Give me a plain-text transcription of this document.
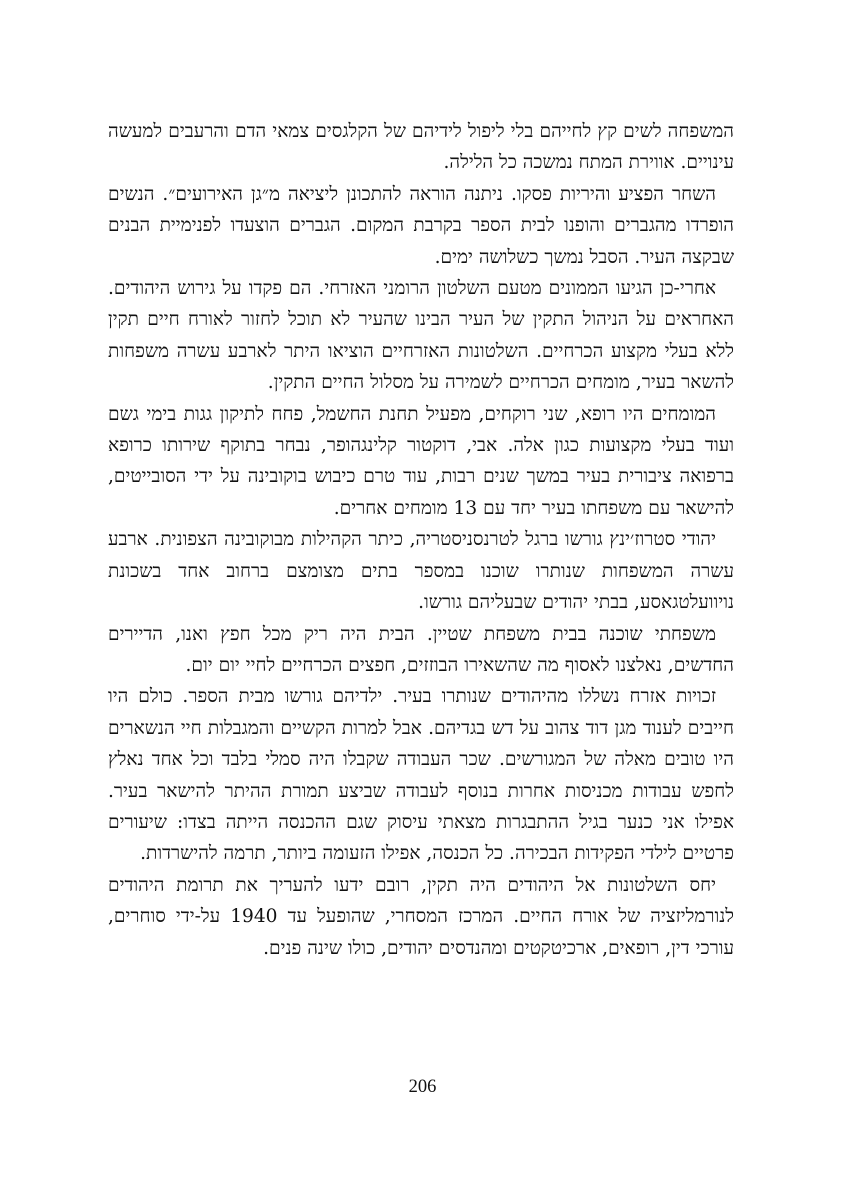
המשפחה לשים קץ לחייהם בלי ליפול לידיהם של הקלגסים צמאי הדם והרעבים למעשה עינויים. אווירת המתח נמשכה כל הלילה.

השחר הפציע והיריות פסקו. ניתנה הוראה להתכונן ליציאה מ״גן האירועים״. הנשים הופרדו מהגברים והופנו לבית הספר בקרבת המקום. הגברים הוצעדו לפנימיית הבנים שבקצה העיר. הסבל נמשך כשלושה ימים.

אחרי-כן הגיעו הממונים מטעם השלטון הרומני האזרחי. הם פקדו על גירוש היהודים. האחראים על הניהול התקין של העיר הבינו שהעיר לא תוכל לחזור לאורח חיים תקין ללא בעלי מקצוע הכרחיים. השלטונות האזרחיים הוציאו היתר לארבע עשרה משפחות להשאר בעיר, מומחים הכרחיים לשמירה על מסלול החיים התקין.

המומחים היו רופא, שני רוקחים, מפעיל תחנת החשמל, פחח לתיקון גגות בימי גשם ועוד בעלי מקצועות כגון אלה. אבי, דוקטור קלינגהופר, נבחר בתוקף שירותו כרופא ברפואה ציבורית בעיר במשך שנים רבות, עוד טרם כיבוש בוקובינה על ידי הסובייטים, להישאר עם משפחתו בעיר יחד עם 13 מומחים אחרים.

יהודי סטרוז׳ינץ גורשו ברגל לטרנסניסטריה, כיתר הקהילות מבוקובינה הצפונית. ארבע עשרה המשפחות שנותרו שוכנו במספר בתים מצומצם ברחוב אחד בשכונת נויוועלטגאסע, בבתי יהודים שבעליהם גורשו.

משפחתי שוכנה בבית משפחת שטיין. הבית היה ריק מכל חפץ ואנו, הדיירים החדשים, נאלצנו לאסוף מה שהשאירו הבוזזים, חפצים הכרחיים לחיי יום יום.

זכויות אזרח נשללו מהיהודים שנותרו בעיר. ילדיהם גורשו מבית הספר. כולם היו חייבים לענוד מגן דוד צהוב על דש בגדיהם. אבל למרות הקשיים והמגבלות חיי הנשארים היו טובים מאלה של המגורשים. שכר העבודה שקבלו היה סמלי בלבד וכל אחד נאלץ לחפש עבודות מכניסות אחרות בנוסף לעבודה שביצע תמורת ההיתר להישאר בעיר. אפילו אני כנער בגיל ההתבגרות מצאתי עיסוק שגם ההכנסה הייתה בצדו: שיעורים פרטיים לילדי הפקידות הבכירה. כל הכנסה, אפילו הזעומה ביותר, תרמה להישרדות.

יחס השלטונות אל היהודים היה תקין, רובם ידעו להעריך את תרומת היהודים לנורמליזציה של אורח החיים. המרכז המסחרי, שהופעל עד 1940 על-ידי סוחרים, עורכי דין, רופאים, ארכיטקטים ומהנדסים יהודים, כולו שינה פנים.

206
